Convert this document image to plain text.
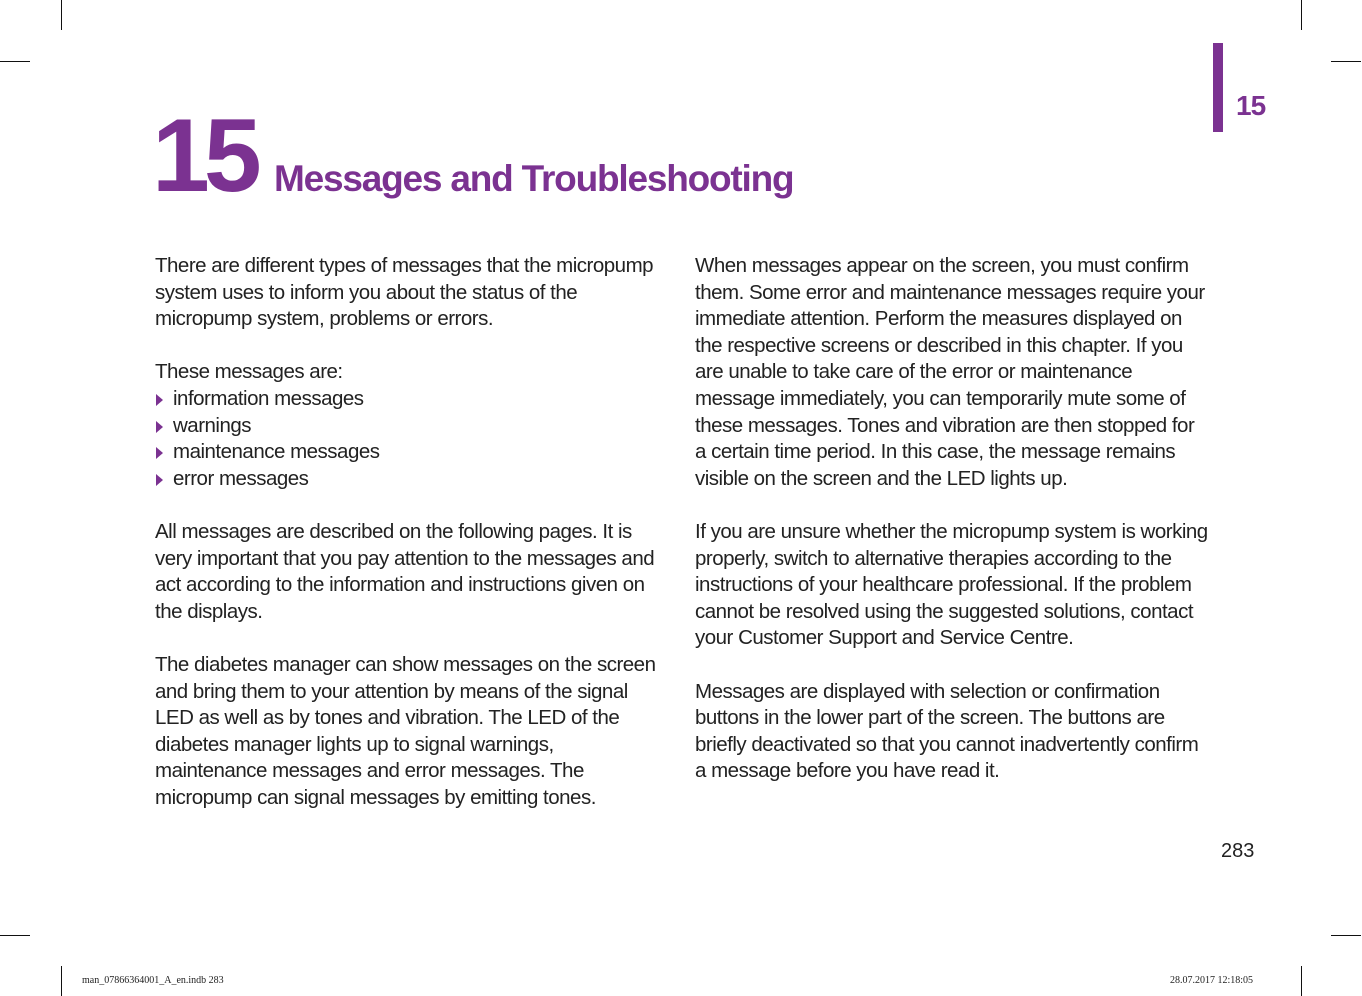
15
15 Messages and Troubleshooting

There are different types of messages that the micropump system uses to inform you about the status of the micropump system, problems or errors.

These messages are:

information messages
warnings
maintenance messages
error messages

All messages are described on the following pages. It is very important that you pay attention to the messages and act according to the information and instructions given on the displays.

The diabetes manager can show messages on the screen and bring them to your attention by means of the signal LED as well as by tones and vibration. The LED of the diabetes manager lights up to signal warnings, maintenance messages and error messages. The micropump can signal messages by emitting tones.

When messages appear on the screen, you must confirm them. Some error and maintenance messages require your immediate attention. Perform the measures displayed on the respective screens or described in this chapter. If you are unable to take care of the error or maintenance message immediately, you can temporarily mute some of these messages. Tones and vibration are then stopped for a certain time period. In this case, the message remains visible on the screen and the LED lights up.

If you are unsure whether the micropump system is working properly, switch to alternative therapies according to the instructions of your healthcare professional. If the problem cannot be resolved using the suggested solutions, contact your Customer Support and Service Centre.

Messages are displayed with selection or confirmation buttons in the lower part of the screen. The buttons are briefly deactivated so that you cannot inadvertently confirm a message before you have read it.

283
man_07866364001_A_en.indb 283	28.07.2017 12:18:05
